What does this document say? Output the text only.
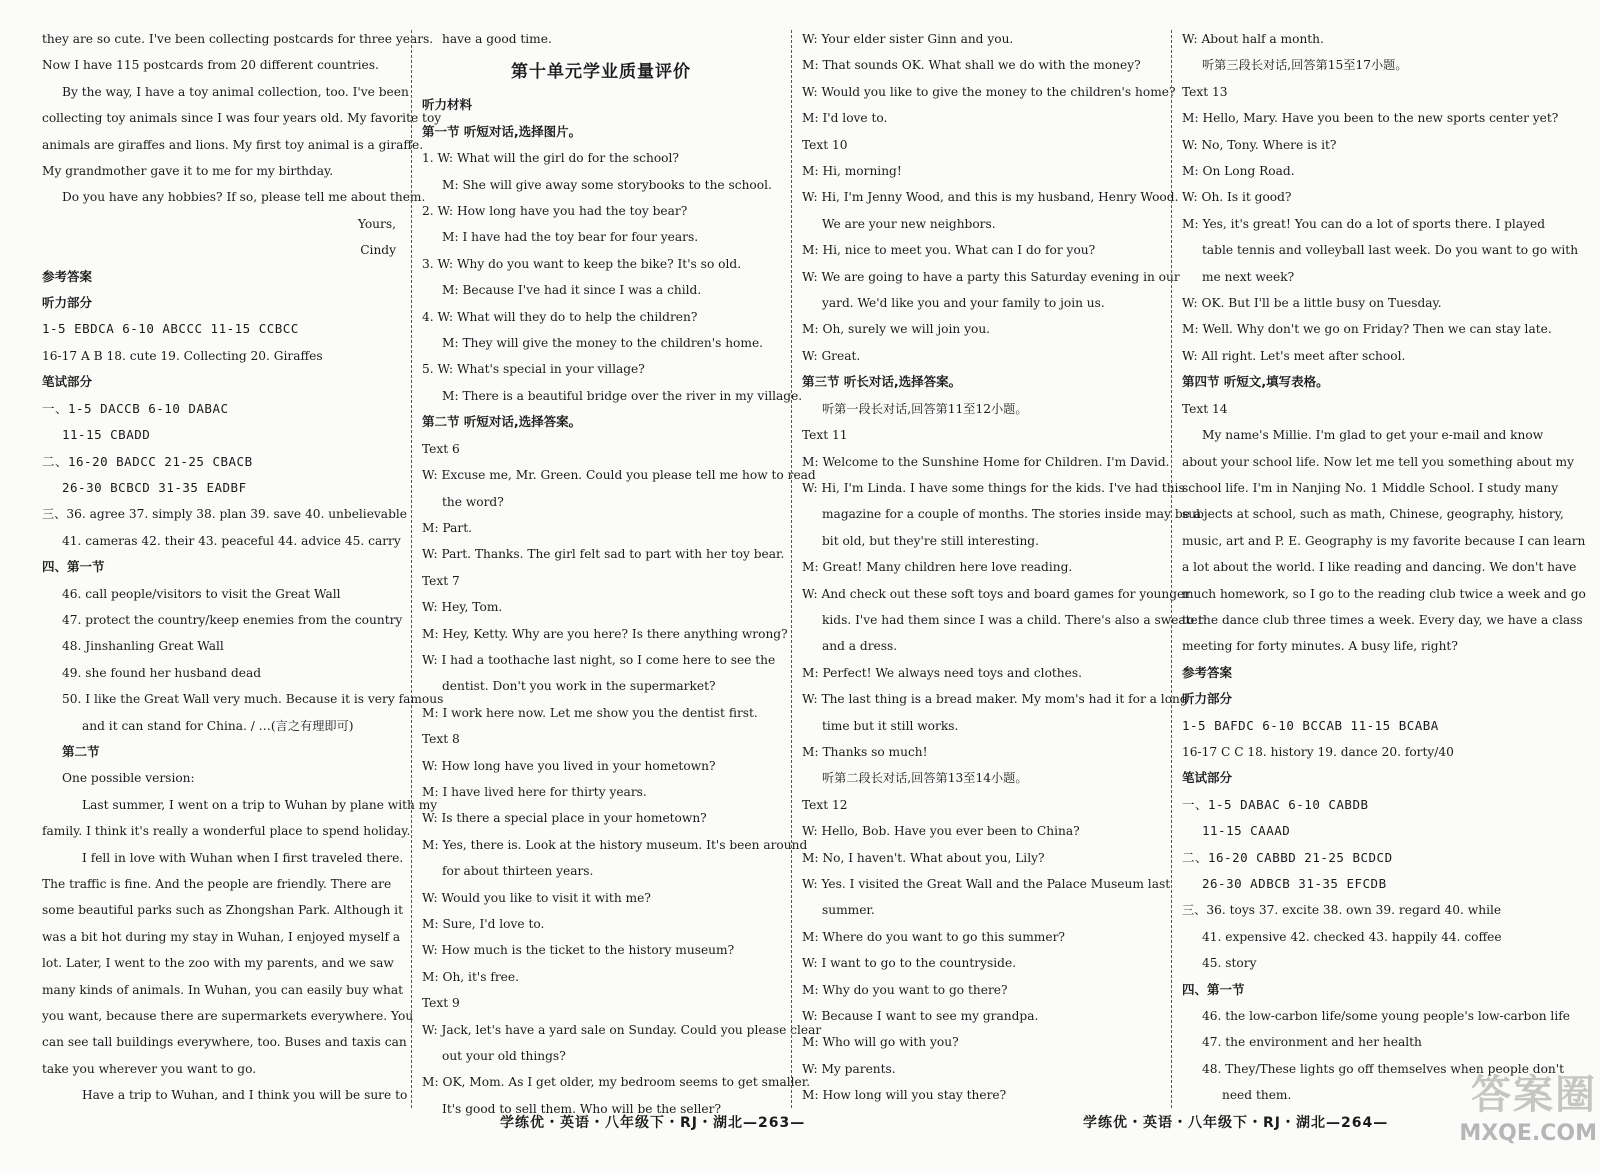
they are so cute. I've been collecting postcards for three years.
Now I have 115 postcards from 20 different countries.
By the way, I have a toy animal collection, too. I've been
collecting toy animals since I was four years old. My favorite toy
animals are giraffes and lions. My first toy animal is a giraffe.
My grandmother gave it to me for my birthday.
Do you have any hobbies? If so, please tell me about them.
Yours,
Cindy
参考答案
听力部分
1-5 EBDCA 6-10 ABCCC 11-15 CCBCC
16-17 A B 18. cute 19. Collecting 20. Giraffes
笔试部分
一、1-5 DACCB 6-10 DABAC
11-15 CBADD
二、16-20 BADCC 21-25 CBACB
26-30 BCBCD 31-35 EADBF
三、36. agree 37. simply 38. plan 39. save 40. unbelievable
41. cameras 42. their 43. peaceful 44. advice 45. carry
四、第一节
46. call people/visitors to visit the Great Wall
47. protect the country/keep enemies from the country
48. Jinshanling Great Wall
49. she found her husband dead
50. I like the Great Wall very much. Because it is very famous
and it can stand for China. / …(言之有理即可)
第二节
One possible version:
Last summer, I went on a trip to Wuhan by plane with my
family. I think it's really a wonderful place to spend holiday.
I fell in love with Wuhan when I first traveled there.
The traffic is fine. And the people are friendly. There are
some beautiful parks such as Zhongshan Park. Although it
was a bit hot during my stay in Wuhan, I enjoyed myself a
lot. Later, I went to the zoo with my parents, and we saw
many kinds of animals. In Wuhan, you can easily buy what
you want, because there are supermarkets everywhere. You
can see tall buildings everywhere, too. Buses and taxis can
take you wherever you want to go.
Have a trip to Wuhan, and I think you will be sure to
have a good time.
第十单元学业质量评价
听力材料
第一节 听短对话,选择图片。
1. W: What will the girl do for the school?
M: She will give away some storybooks to the school.
2. W: How long have you had the toy bear?
M: I have had the toy bear for four years.
3. W: Why do you want to keep the bike? It's so old.
M: Because I've had it since I was a child.
4. W: What will they do to help the children?
M: They will give the money to the children's home.
5. W: What's special in your village?
M: There is a beautiful bridge over the river in my village.
第二节 听短对话,选择答案。
Text 6
W: Excuse me, Mr. Green. Could you please tell me how to read
the word?
M: Part.
W: Part. Thanks. The girl felt sad to part with her toy bear.
Text 7
W: Hey, Tom.
M: Hey, Ketty. Why are you here? Is there anything wrong?
W: I had a toothache last night, so I come here to see the
dentist. Don't you work in the supermarket?
M: I work here now. Let me show you the dentist first.
Text 8
W: How long have you lived in your hometown?
M: I have lived here for thirty years.
W: Is there a special place in your hometown?
M: Yes, there is. Look at the history museum. It's been around
for about thirteen years.
W: Would you like to visit it with me?
M: Sure, I'd love to.
W: How much is the ticket to the history museum?
M: Oh, it's free.
Text 9
W: Jack, let's have a yard sale on Sunday. Could you please clear
out your old things?
M: OK, Mom. As I get older, my bedroom seems to get smaller.
It's good to sell them. Who will be the seller?
W: Your elder sister Ginn and you.
M: That sounds OK. What shall we do with the money?
W: Would you like to give the money to the children's home?
M: I'd love to.
Text 10
M: Hi, morning!
W: Hi, I'm Jenny Wood, and this is my husband, Henry Wood.
We are your new neighbors.
M: Hi, nice to meet you. What can I do for you?
W: We are going to have a party this Saturday evening in our
yard. We'd like you and your family to join us.
M: Oh, surely we will join you.
W: Great.
第三节 听长对话,选择答案。
听第一段长对话,回答第11至12小题。
Text 11
M: Welcome to the Sunshine Home for Children. I'm David.
W: Hi, I'm Linda. I have some things for the kids. I've had this
magazine for a couple of months. The stories inside may be a
bit old, but they're still interesting.
M: Great! Many children here love reading.
W: And check out these soft toys and board games for younger
kids. I've had them since I was a child. There's also a sweater
and a dress.
M: Perfect! We always need toys and clothes.
W: The last thing is a bread maker. My mom's had it for a long
time but it still works.
M: Thanks so much!
听第二段长对话,回答第13至14小题。
Text 12
W: Hello, Bob. Have you ever been to China?
M: No, I haven't. What about you, Lily?
W: Yes. I visited the Great Wall and the Palace Museum last
summer.
M: Where do you want to go this summer?
W: I want to go to the countryside.
M: Why do you want to go there?
W: Because I want to see my grandpa.
M: Who will go with you?
W: My parents.
M: How long will you stay there?
W: About half a month.
听第三段长对话,回答第15至17小题。
Text 13
M: Hello, Mary. Have you been to the new sports center yet?
W: No, Tony. Where is it?
M: On Long Road.
W: Oh. Is it good?
M: Yes, it's great! You can do a lot of sports there. I played
table tennis and volleyball last week. Do you want to go with
me next week?
W: OK. But I'll be a little busy on Tuesday.
M: Well. Why don't we go on Friday? Then we can stay late.
W: All right. Let's meet after school.
第四节 听短文,填写表格。
Text 14
My name's Millie. I'm glad to get your e-mail and know
about your school life. Now let me tell you something about my
school life. I'm in Nanjing No. 1 Middle School. I study many
subjects at school, such as math, Chinese, geography, history,
music, art and P. E. Geography is my favorite because I can learn
a lot about the world. I like reading and dancing. We don't have
much homework, so I go to the reading club twice a week and go
to the dance club three times a week. Every day, we have a class
meeting for forty minutes. A busy life, right?
参考答案
听力部分
1-5 BAFDC 6-10 BCCAB 11-15 BCABA
16-17 C C 18. history 19. dance 20. forty/40
笔试部分
一、1-5 DABAC 6-10 CABDB
11-15 CAAAD
二、16-20 CABBD 21-25 BCDCD
26-30 ADBCB 31-35 EFCDB
三、36. toys 37. excite 38. own 39. regard 40. while
41. expensive 42. checked 43. happily 44. coffee
45. story
四、第一节
46. the low-carbon life/some young people's low-carbon life
47. the environment and her health
48. They/These lights go off themselves when people don't
need them.
学练优・英语・八年级下・RJ・湖北—263—	学练优・英语・八年级下・RJ・湖北—264—
答案圈
MXQE.COM
